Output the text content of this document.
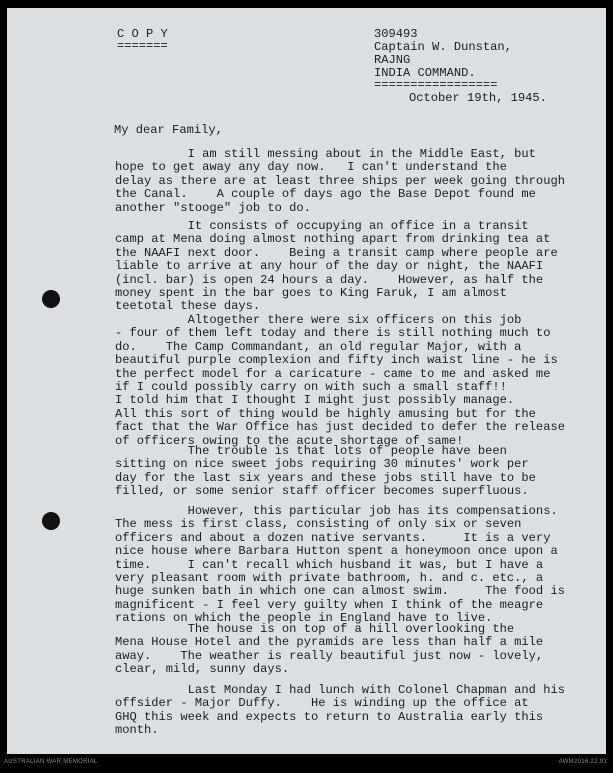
C O P Y
=======
309493
Captain W. Dunstan,
RAJNG
INDIA COMMAND.
=================
October 19th, 1945.
My dear Family,
I am still messing about in the Middle East, but
hope to get away any day now.   I can't understand the
delay as there are at least three ships per week going through
the Canal.    A couple of days ago the Base Depot found me
another "stooge" job to do.
It consists of occupying an office in a transit
camp at Mena doing almost nothing apart from drinking tea at
the NAAFI next door.    Being a transit camp where people are
liable to arrive at any hour of the day or night, the NAAFI
(incl. bar) is open 24 hours a day.    However, as half the
money spent in the bar goes to King Faruk, I am almost
teetotal these days.
Altogether there were six officers on this job
- four of them left today and there is still nothing much to
do.    The Camp Commandant, an old regular Major, with a
beautiful purple complexion and fifty inch waist line - he is
the perfect model for a caricature - came to me and asked me
if I could possibly carry on with such a small staff!!
I told him that I thought I might just possibly manage.
All this sort of thing would be highly amusing but for the
fact that the War Office has just decided to defer the release
of officers owing to the acute shortage of same!
The trouble is that lots of people have been
sitting on nice sweet jobs requiring 30 minutes' work per
day for the last six years and these jobs still have to be
filled, or some senior staff officer becomes superfluous.
However, this particular job has its compensations.
The mess is first class, consisting of only six or seven
officers and about a dozen native servants.     It is a very
nice house where Barbara Hutton spent a honeymoon once upon a
time.     I can't recall which husband it was, but I have a
very pleasant room with private bathroom, h. and c. etc., a
huge sunken bath in which one can almost swim.     The food is
magnificent - I feel very guilty when I think of the meagre
rations on which the people in England have to live.
The house is on top of a hill overlooking the
Mena House Hotel and the pyramids are less than half a mile
away.    The weather is really beautiful just now - lovely,
clear, mild, sunny days.
Last Monday I had lunch with Colonel Chapman and his
offsider - Major Duffy.    He is winding up the office at
GHQ this week and expects to return to Australia early this
month.
AUSTRALIAN WAR MEMORIAL	AWM2016.22.93
